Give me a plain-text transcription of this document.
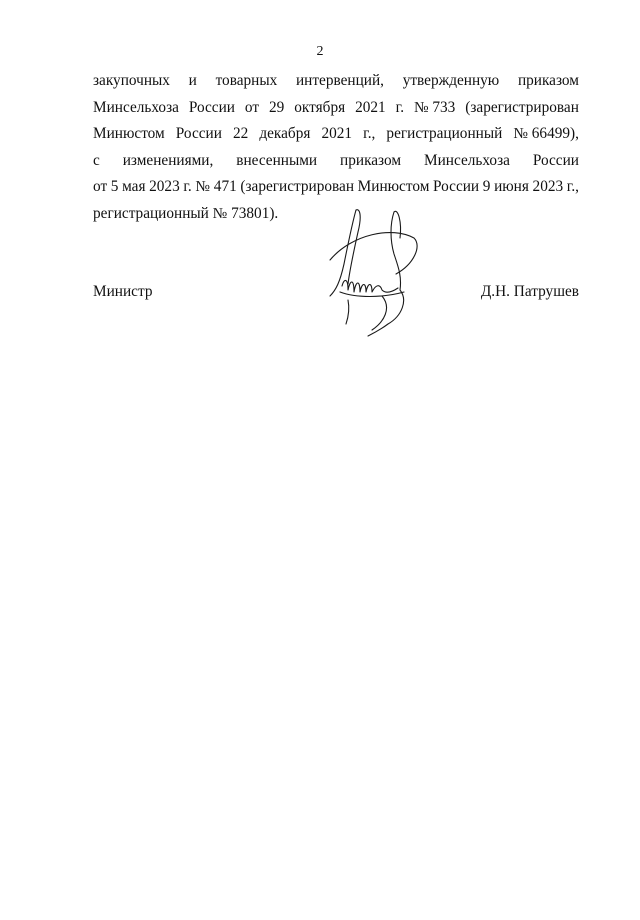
2
закупочных и товарных интервенций, утвержденную приказом
Минсельхоза России от 29 октября 2021 г. № 733 (зарегистрирован
Минюстом России 22 декабря 2021 г., регистрационный № 66499),
с изменениями, внесенными приказом Минсельхоза России
от 5 мая 2023 г. № 471 (зарегистрирован Минюстом России 9 июня 2023 г.,
регистрационный № 73801).
Министр	Д.Н. Патрушев
